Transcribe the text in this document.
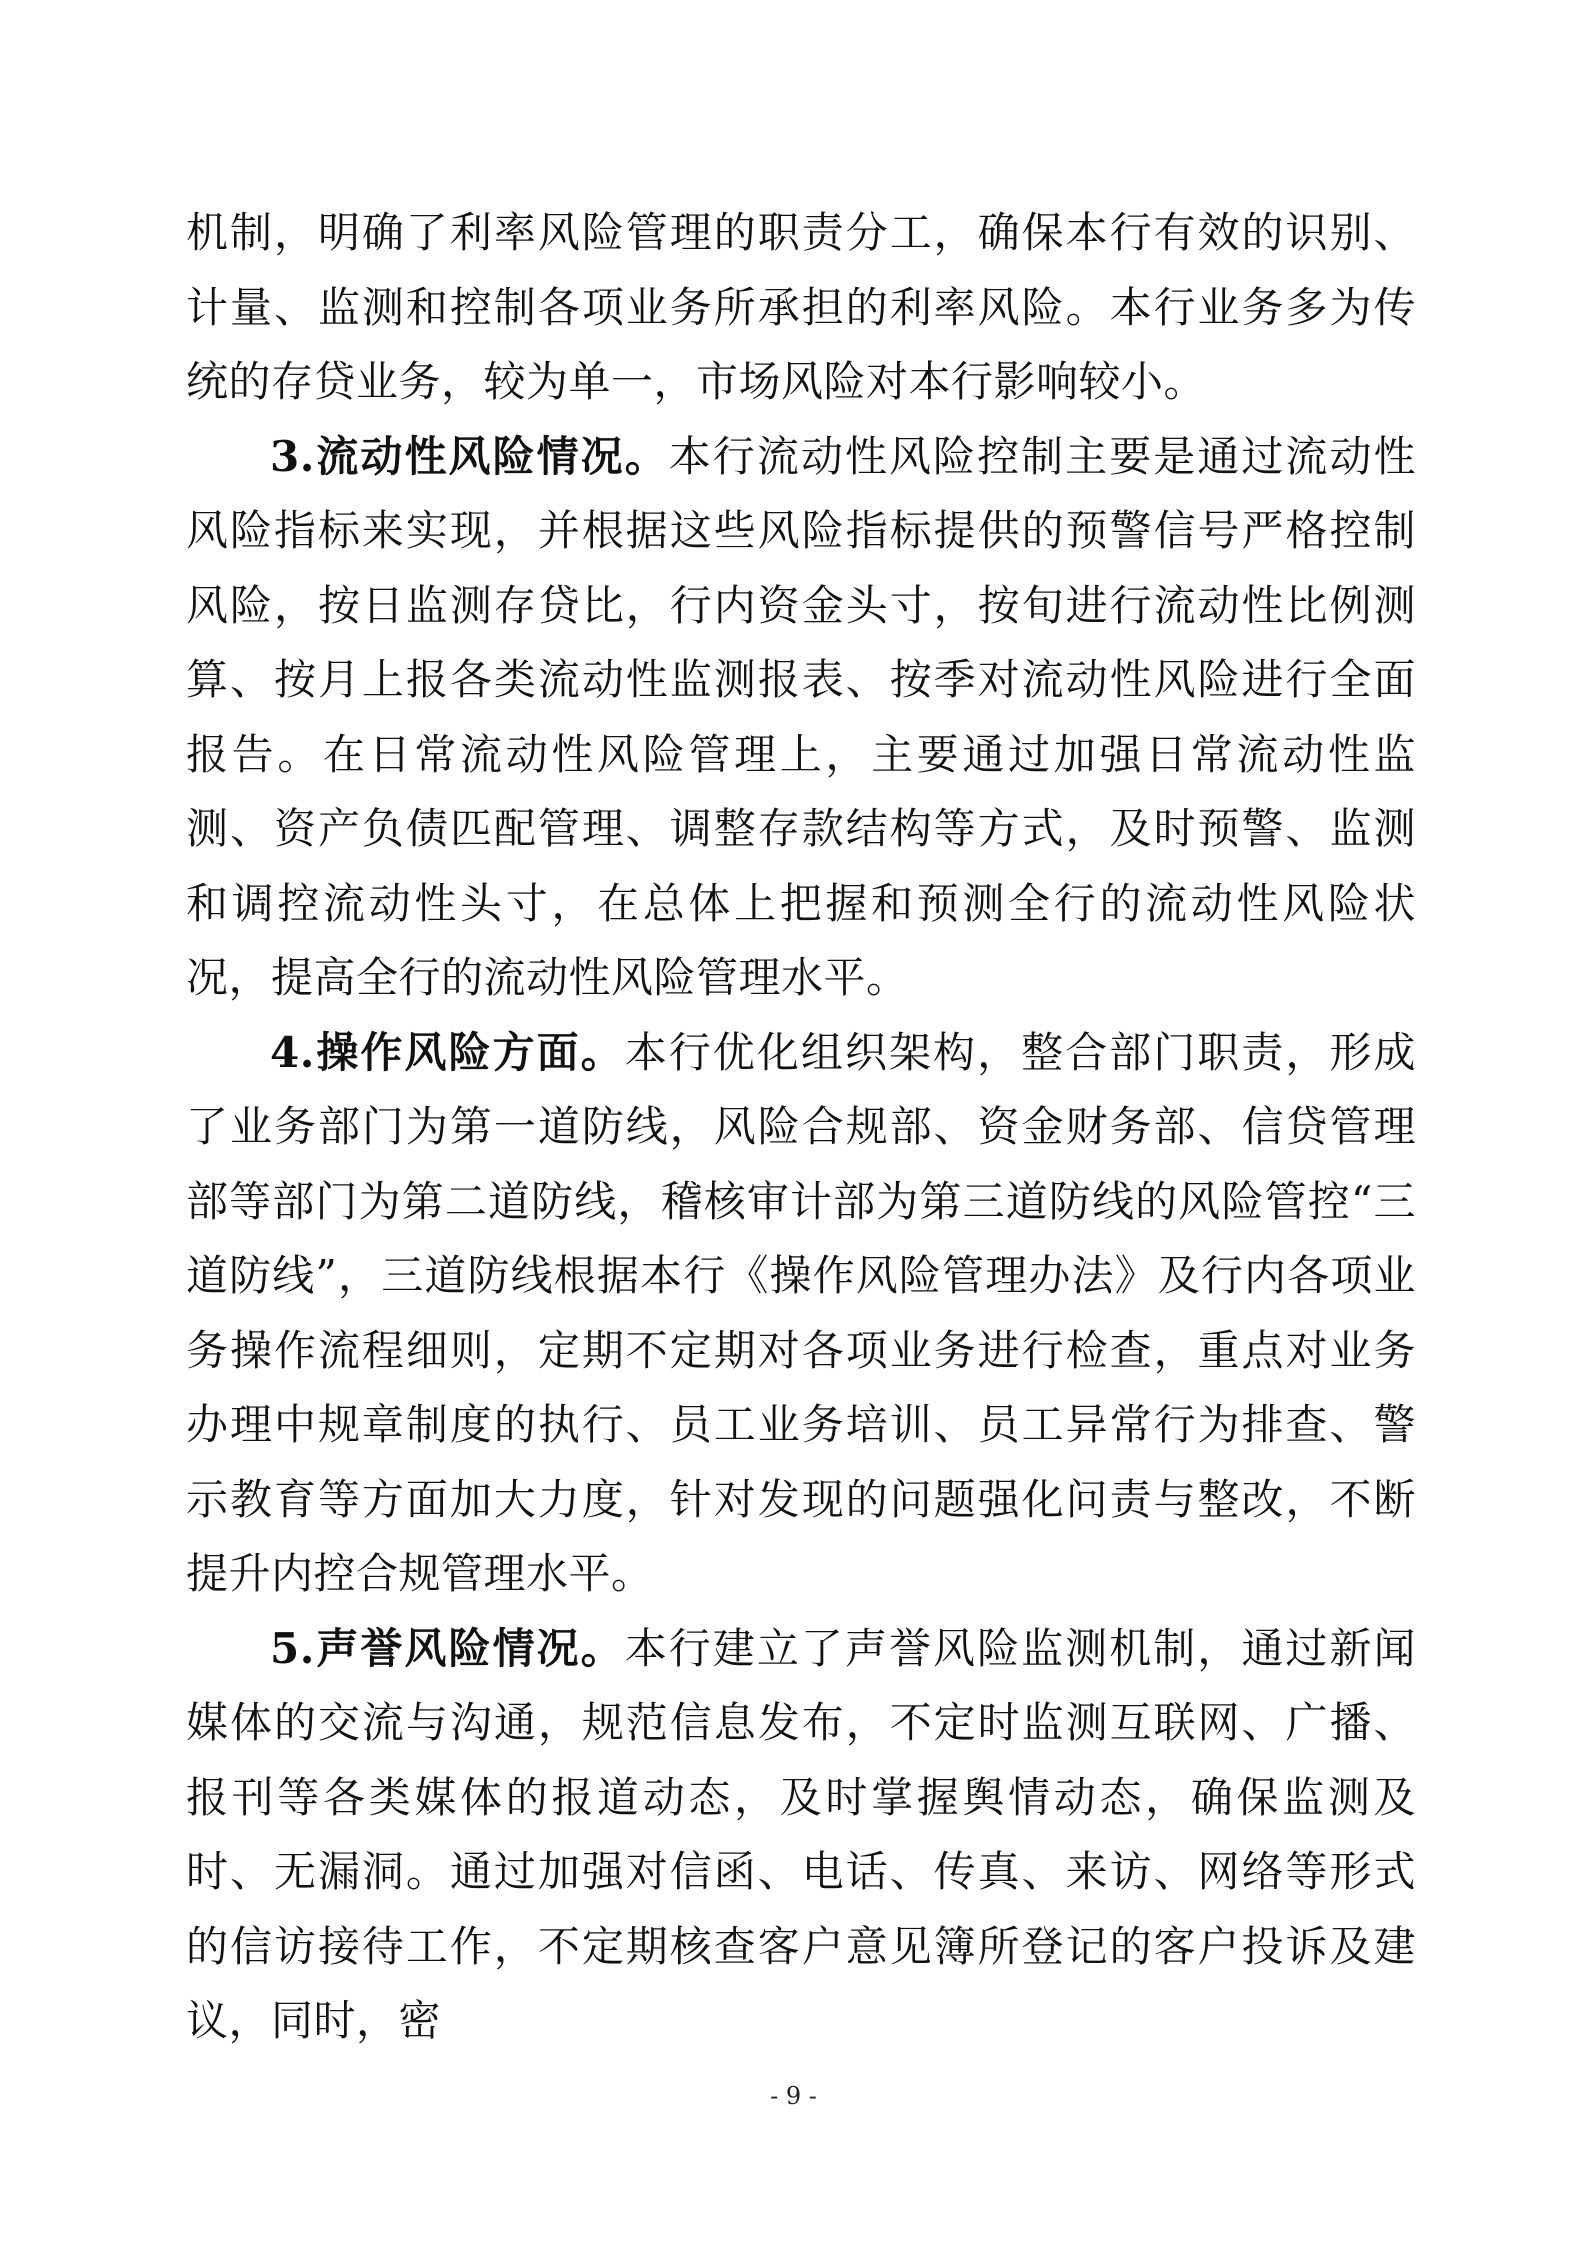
机制，明确了利率风险管理的职责分工，确保本行有效的识别、计量、监测和控制各项业务所承担的利率风险。本行业务多为传统的存贷业务，较为单一，市场风险对本行影响较小。

3.流动性风险情况。本行流动性风险控制主要是通过流动性风险指标来实现，并根据这些风险指标提供的预警信号严格控制风险，按日监测存贷比，行内资金头寸，按旬进行流动性比例测算、按月上报各类流动性监测报表、按季对流动性风险进行全面报告。在日常流动性风险管理上，主要通过加强日常流动性监测、资产负债匹配管理、调整存款结构等方式，及时预警、监测和调控流动性头寸，在总体上把握和预测全行的流动性风险状况，提高全行的流动性风险管理水平。

4.操作风险方面。本行优化组织架构，整合部门职责，形成了业务部门为第一道防线，风险合规部、资金财务部、信贷管理部等部门为第二道防线，稽核审计部为第三道防线的风险管控“三道防线”，三道防线根据本行《操作风险管理办法》及行内各项业务操作流程细则，定期不定期对各项业务进行检查，重点对业务办理中规章制度的执行、员工业务培训、员工异常行为排查、警示教育等方面加大力度，针对发现的问题强化问责与整改，不断提升内控合规管理水平。

5.声誉风险情况。本行建立了声誉风险监测机制，通过新闻媒体的交流与沟通，规范信息发布，不定时监测互联网、广播、报刊等各类媒体的报道动态，及时掌握舆情动态，确保监测及时、无漏洞。通过加强对信函、电话、传真、来访、网络等形式的信访接待工作，不定期核查客户意见簿所登记的客户投诉及建议，同时，密

- 9 -
